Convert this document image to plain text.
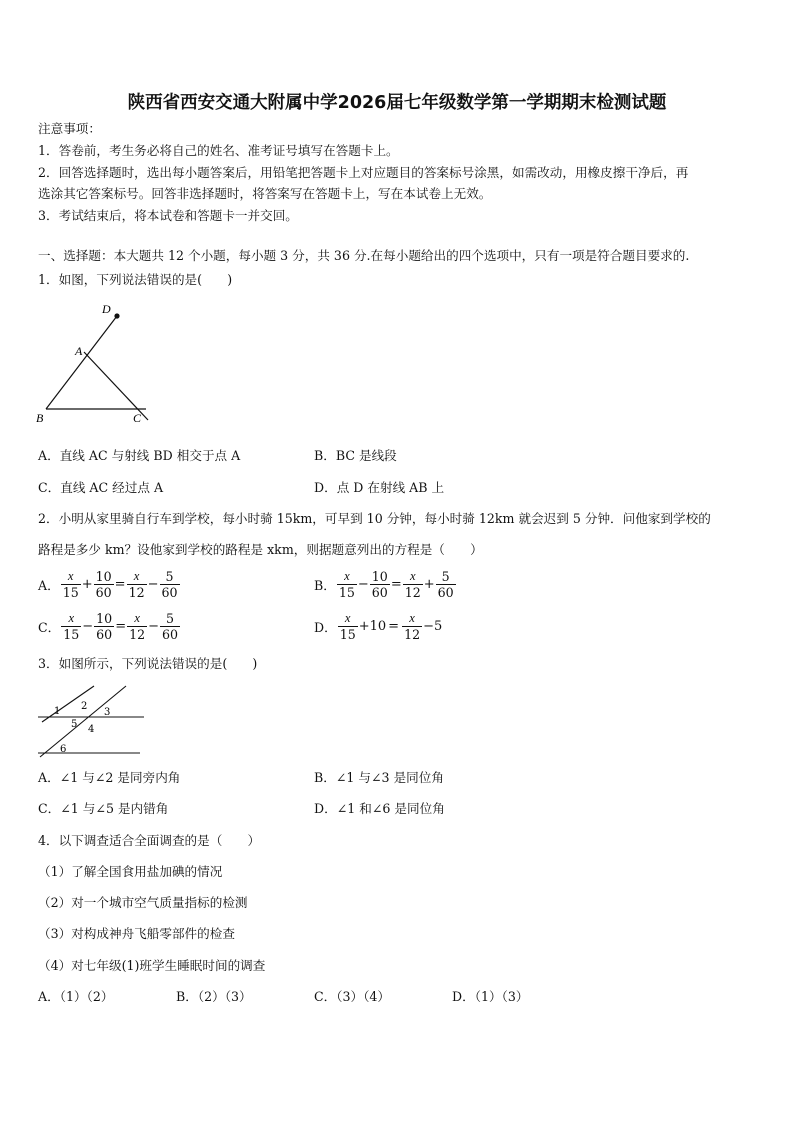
陕西省西安交通大附属中学2026届七年级数学第一学期期末检测试题
注意事项：
1．答卷前，考生务必将自己的姓名、准考证号填写在答题卡上。
2．回答选择题时，选出每小题答案后，用铅笔把答题卡上对应题目的答案标号涂黑，如需改动，用橡皮擦干净后，再
选涂其它答案标号。回答非选择题时，将答案写在答题卡上，写在本试卷上无效。
3．考试结束后，将本试卷和答题卡一并交回。
一、选择题：本大题共 12 个小题，每小题 3 分，共 36 分.在每小题给出的四个选项中，只有一项是符合题目要求的.
1．如图，下列说法错误的是(　　)
D
A
B	C
A．直线 AC 与射线 BD 相交于点 A	B．BC 是线段
C．直线 AC 经过点 A	D．点 D 在射线 AB 上
2．小明从家里骑自行车到学校，每小时骑 15km，可早到 10 分钟，每小时骑 12km 就会迟到 5 分钟．问他家到学校的
路程是多少 km？设他家到学校的路程是 xkm，则据题意列出的方程是（　　）
A． $\frac{x}{15} + \frac{10}{60} = \frac{x}{12} - \frac{5}{60}$	B． $\frac{x}{15} - \frac{10}{60} = \frac{x}{12} + \frac{5}{60}$
C． $\frac{x}{15} - \frac{10}{60} = \frac{x}{12} - \frac{5}{60}$	D． $\frac{x}{15} +10 = \frac{x}{12} -5$
3．如图所示，下列说法错误的是(　　)
1 2
3
4
5
6
A．∠1 与∠2 是同旁内角	B．∠1 与∠3 是同位角
C．∠1 与∠5 是内错角	D．∠1 和∠6 是同位角
4．以下调查适合全面调查的是（　　）
（1）了解全国食用盐加碘的情况
（2）对一个城市空气质量指标的检测
（3）对构成神舟飞船零部件的检查
（4）对七年级(1)班学生睡眠时间的调查
A．（1）（2）	B．（2）（3）	C．（3）（4）	D．（1）（3）
